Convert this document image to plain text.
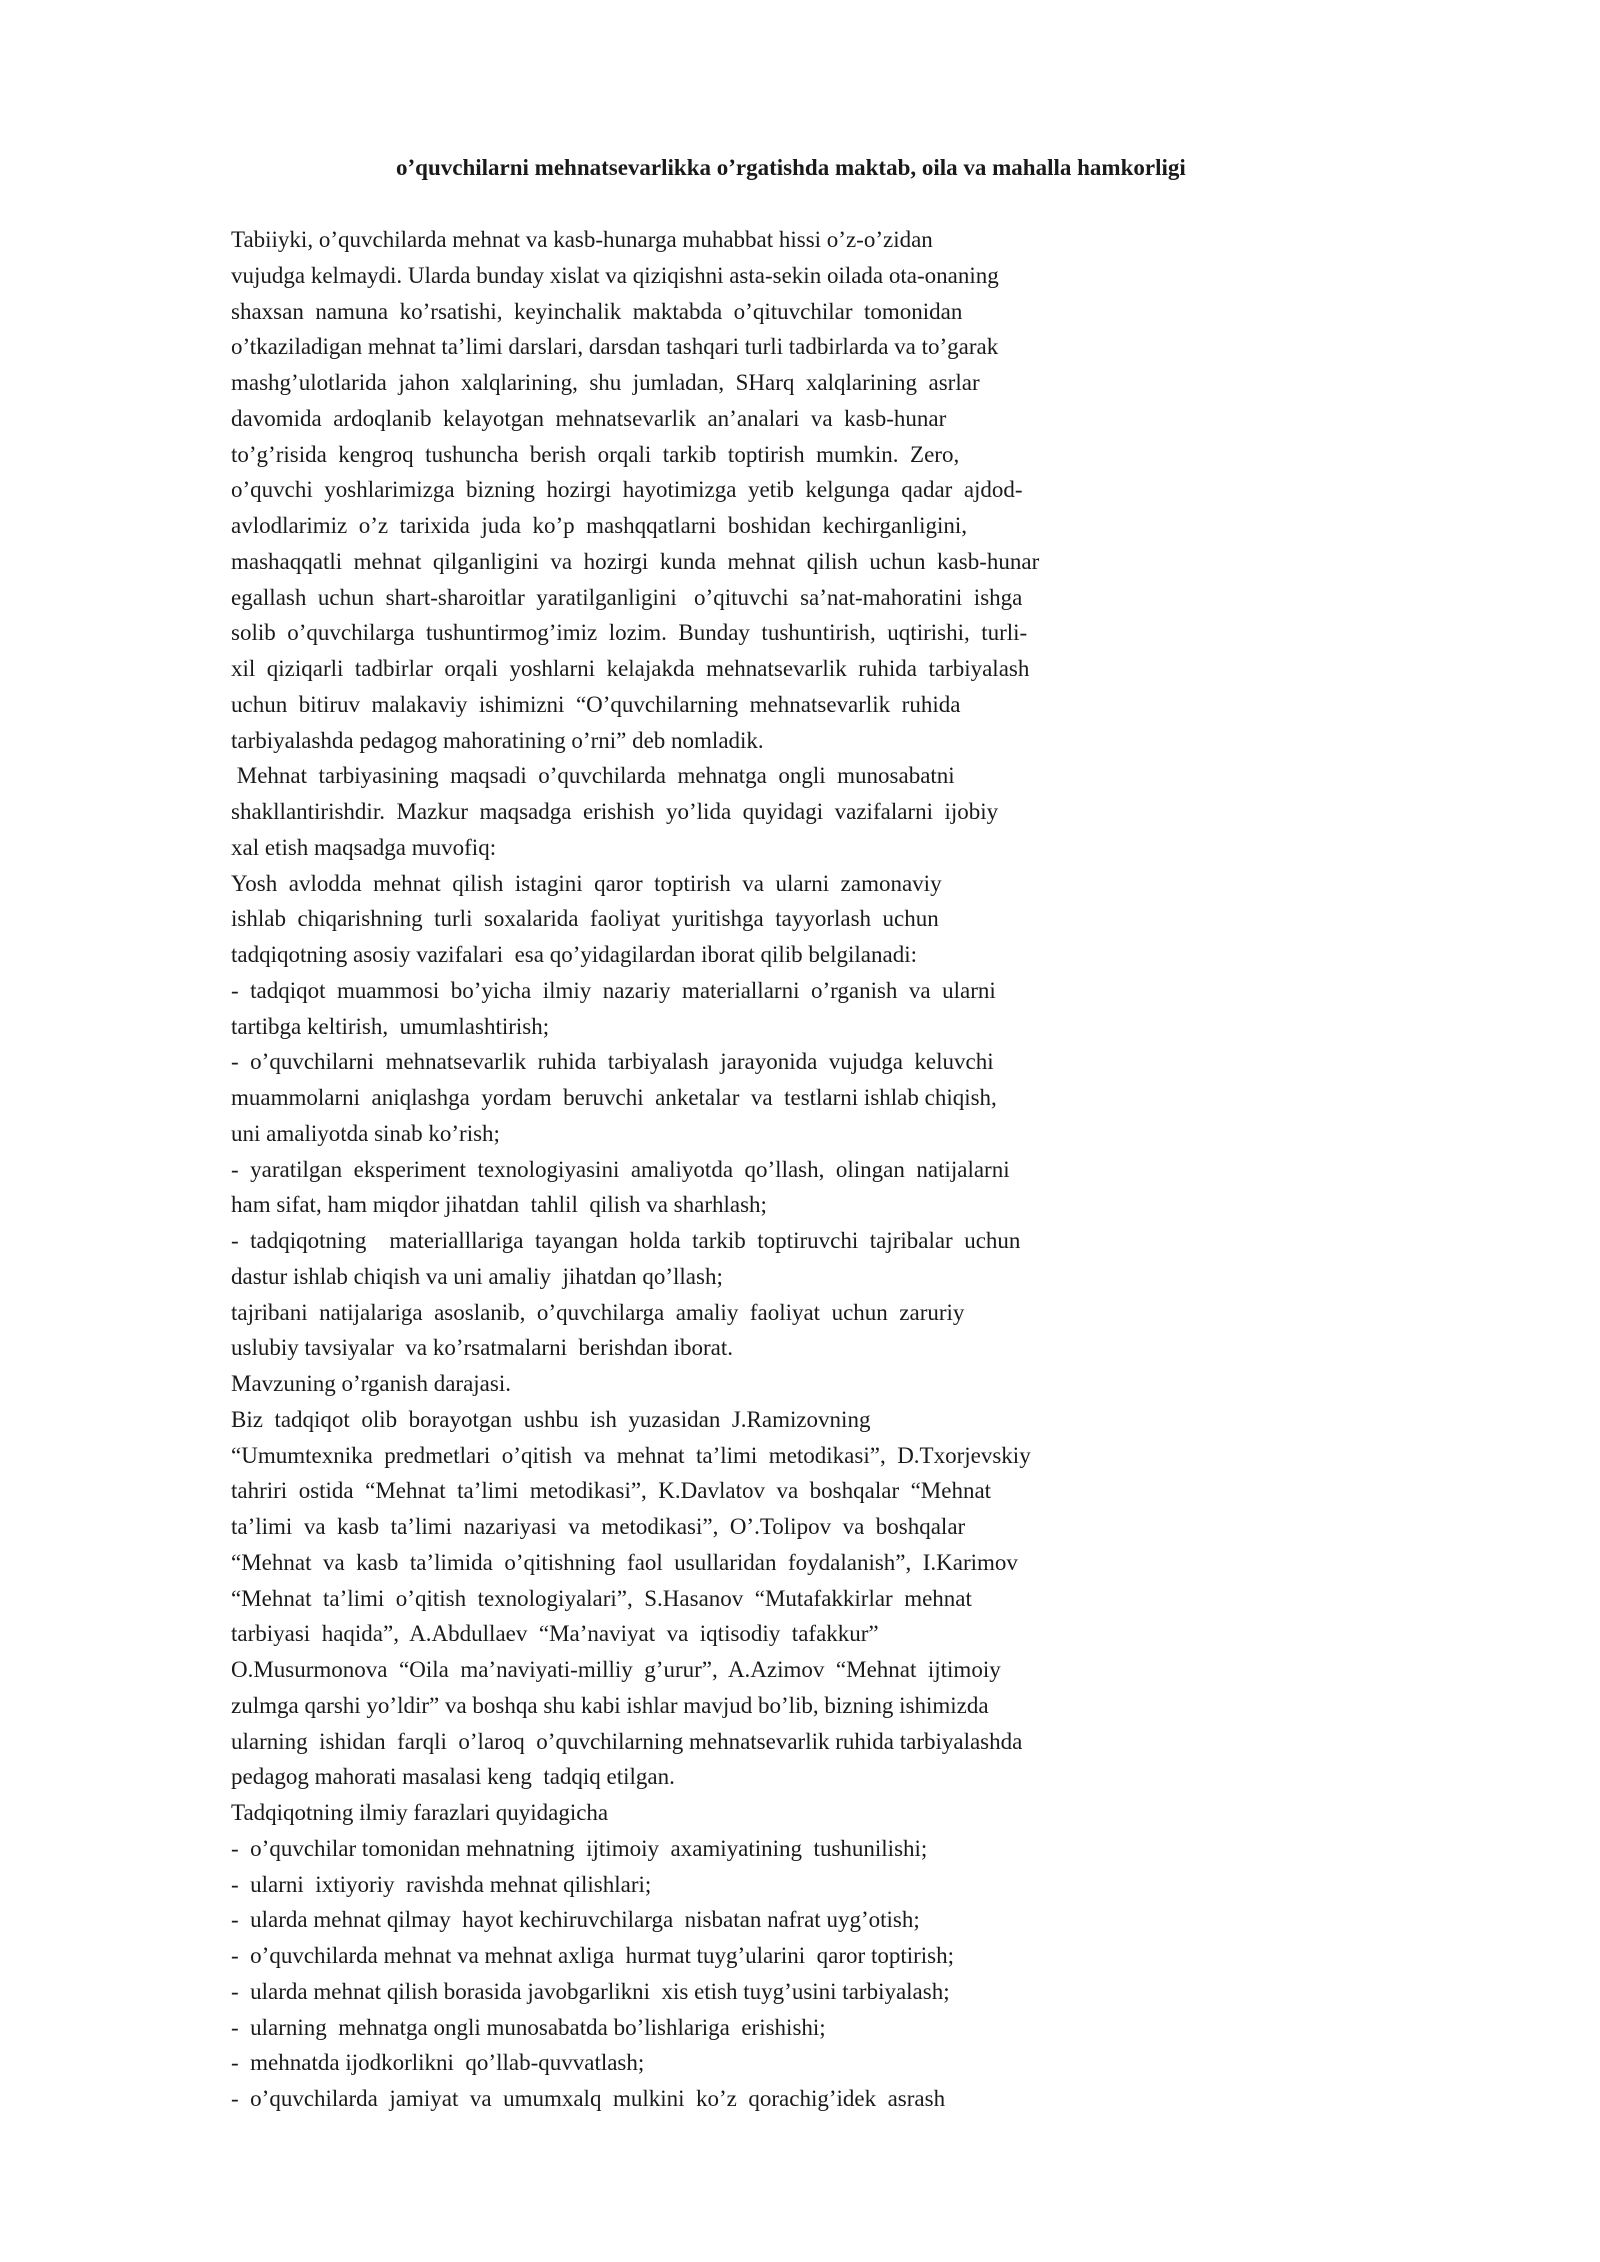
o’quvchilarni mehnatsevarlikka o’rgatishda maktab, oila va mahalla hamkorligi
Tabiiyki, o’quvchilarda mehnat va kasb-hunarga muhabbat hissi o’z-o’zidan
vujudga kelmaydi. Ularda bunday xislat va qiziqishni asta-sekin oilada ota-onaning
shaxsan  namuna  ko’rsatishi,  keyinchalik  maktabda  o’qituvchilar  tomonidan
o’tkaziladigan mehnat ta’limi darslari, darsdan tashqari turli tadbirlarda va to’garak
mashg’ulotlarida  jahon  xalqlarining,  shu  jumladan,  SHarq  xalqlarining  asrlar
davomida  ardoqlanib  kelayotgan  mehnatsevarlik  an’analari  va  kasb-hunar
to’g’risida  kengroq  tushuncha  berish  orqali  tarkib  toptirish  mumkin.  Zero,
o’quvchi  yoshlarimizga  bizning  hozirgi  hayotimizga  yetib  kelgunga  qadar  ajdod-
avlodlarimiz  o’z  tarixida  juda  ko’p  mashqqatlarni  boshidan  kechirganligini,
mashaqqatli  mehnat  qilganligini  va  hozirgi  kunda  mehnat  qilish  uchun  kasb-hunar
egallash  uchun  shart-sharoitlar  yaratilganligini   o’qituvchi  sa’nat-mahoratini  ishga
solib  o’quvchilarga  tushuntirmog’imiz  lozim.  Bunday  tushuntirish,  uqtirishi,  turli-
xil  qiziqarli  tadbirlar  orqali  yoshlarni  kelajakda  mehnatsevarlik  ruhida  tarbiyalash
uchun  bitiruv  malakaviy  ishimizni  “O’quvchilarning  mehnatsevarlik  ruhida
tarbiyalashda pedagog mahoratining o’rni” deb nomladik.
Mehnat  tarbiyasining  maqsadi  o’quvchilarda  mehnatga  ongli  munosabatni
shakllantirishdir.  Mazkur  maqsadga  erishish  yo’lida  quyidagi  vazifalarni  ijobiy
xal etish maqsadga muvofiq:
Yosh  avlodda  mehnat  qilish  istagini  qaror  toptirish  va  ularni  zamonaviy
ishlab  chiqarishning  turli  soxalarida  faoliyat  yuritishga  tayyorlash  uchun
tadqiqotning asosiy vazifalari  esa qo’yidagilardan iborat qilib belgilanadi:
-  tadqiqot  muammosi  bo’yicha  ilmiy  nazariy  materiallarni  o’rganish  va  ularni
tartibga keltirish,  umumlashtirish;
-  o’quvchilarni  mehnatsevarlik  ruhida  tarbiyalash  jarayonida  vujudga  keluvchi
muammolarni  aniqlashga  yordam  beruvchi  anketalar  va  testlarni ishlab chiqish,
uni amaliyotda sinab ko’rish;
-  yaratilgan  eksperiment  texnologiyasini  amaliyotda  qo’llash,  olingan  natijalarni
ham sifat, ham miqdor jihatdan  tahlil  qilish va sharhlash;
-  tadqiqotning    materialllariga  tayangan  holda  tarkib  toptiruvchi  tajribalar  uchun
dastur ishlab chiqish va uni amaliy  jihatdan qo’llash;
tajribani  natijalariga  asoslanib,  o’quvchilarga  amaliy  faoliyat  uchun  zaruriy
uslubiy tavsiyalar  va ko’rsatmalarni  berishdan iborat.
Mavzuning o’rganish darajasi.
Biz  tadqiqot  olib  borayotgan  ushbu  ish  yuzasidan  J.Ramizovning
“Umumtexnika  predmetlari  o’qitish  va  mehnat  ta’limi  metodikasi”,  D.Txorjevskiy
tahriri  ostida  “Mehnat  ta’limi  metodikasi”,  K.Davlatov  va  boshqalar  “Mehnat
ta’limi  va  kasb  ta’limi  nazariyasi  va  metodikasi”,  O’.Tolipov  va  boshqalar
“Mehnat  va  kasb  ta’limida  o’qitishning  faol  usullaridan  foydalanish”,  I.Karimov
“Mehnat  ta’limi  o’qitish  texnologiyalari”,  S.Hasanov  “Mutafakkirlar  mehnat
tarbiyasi  haqida”,  A.Abdullaev  “Ma’naviyat  va  iqtisodiy  tafakkur”
O.Musurmonova  “Oila  ma’naviyati-milliy  g’urur”,  A.Azimov  “Mehnat  ijtimoiy
zulmga qarshi yo’ldir” va boshqa shu kabi ishlar mavjud bo’lib, bizning ishimizda
ularning  ishidan  farqli  o’laroq  o’quvchilarning mehnatsevarlik ruhida tarbiyalashda
pedagog mahorati masalasi keng  tadqiq etilgan.
Tadqiqotning ilmiy farazlari quyidagicha
-  o’quvchilar tomonidan mehnatning  ijtimoiy  axamiyatining  tushunilishi;
-  ularni  ixtiyoriy  ravishda mehnat qilishlari;
-  ularda mehnat qilmay  hayot kechiruvchilarga  nisbatan nafrat uyg’otish;
-  o’quvchilarda mehnat va mehnat axliga  hurmat tuyg’ularini  qaror toptirish;
-  ularda mehnat qilish borasida javobgarlikni  xis etish tuyg’usini tarbiyalash;
-  ularning  mehnatga ongli munosabatda bo’lishlariga  erishishi;
-  mehnatda ijodkorlikni  qo’llab-quvvatlash;
-  o’quvchilarda  jamiyat  va  umumxalq  mulkini  ko’z  qorachig’idek  asrash
